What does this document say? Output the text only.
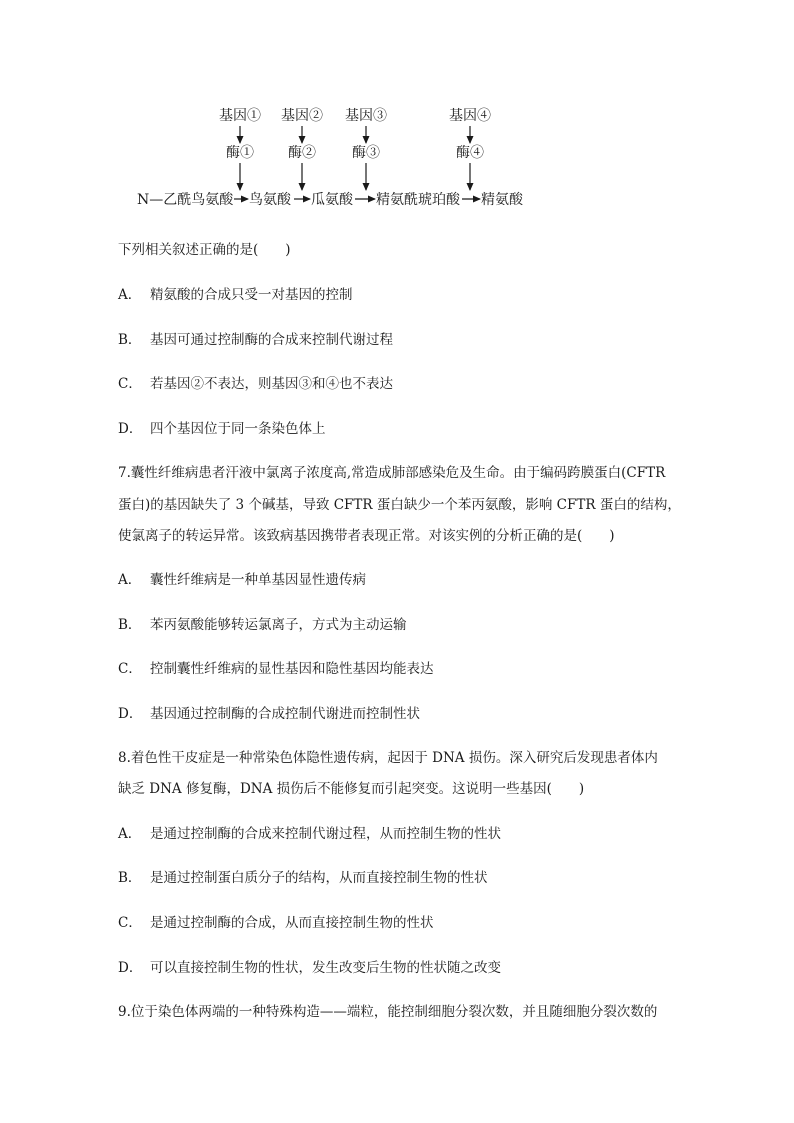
基因① 基因② 基因③	基因④
酶① 酶②	酶③	酶④
N—乙酰鸟氨酸 鸟氨酸 瓜氨酸 精氨酰琥珀酸 精氨酸

下列相关叙述正确的是(　　)

A． 精氨酸的合成只受一对基因的控制

B． 基因可通过控制酶的合成来控制代谢过程

C． 若基因②不表达，则基因③和④也不表达

D． 四个基因位于同一条染色体上

7.囊性纤维病患者汗液中氯离子浓度高,常造成肺部感染危及生命。由于编码跨膜蛋白(CFTR

蛋白)的基因缺失了 3 个碱基，导致 CFTR 蛋白缺少一个苯丙氨酸，影响 CFTR 蛋白的结构，

使氯离子的转运异常。该致病基因携带者表现正常。对该实例的分析正确的是(　　)

A． 囊性纤维病是一种单基因显性遗传病

B． 苯丙氨酸能够转运氯离子，方式为主动运输

C． 控制囊性纤维病的显性基因和隐性基因均能表达

D． 基因通过控制酶的合成控制代谢进而控制性状

8.着色性干皮症是一种常染色体隐性遗传病，起因于 DNA 损伤。深入研究后发现患者体内

缺乏 DNA 修复酶，DNA 损伤后不能修复而引起突变。这说明一些基因(　　)

A． 是通过控制酶的合成来控制代谢过程，从而控制生物的性状

B． 是通过控制蛋白质分子的结构，从而直接控制生物的性状

C． 是通过控制酶的合成，从而直接控制生物的性状

D． 可以直接控制生物的性状，发生改变后生物的性状随之改变

9.位于染色体两端的一种特殊构造——端粒，能控制细胞分裂次数，并且随细胞分裂次数的
